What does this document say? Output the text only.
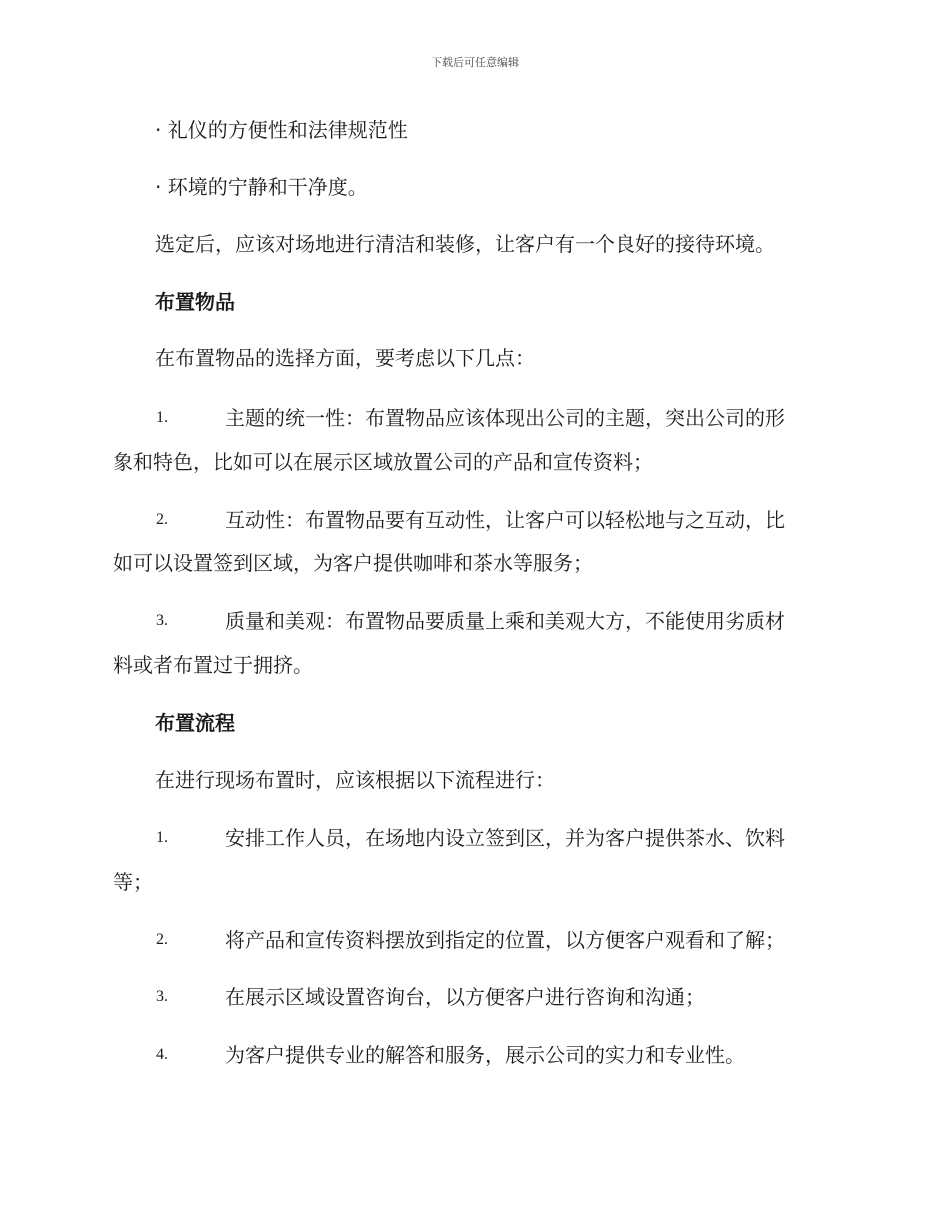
下载后可任意编辑
· 礼仪的方便性和法律规范性
· 环境的宁静和干净度。
选定后，应该对场地进行清洁和装修，让客户有一个良好的接待环境。
布置物品
在布置物品的选择方面，要考虑以下几点：
1.	主题的统一性：布置物品应该体现出公司的主题，突出公司的形
象和特色，比如可以在展示区域放置公司的产品和宣传资料；
2.	互动性：布置物品要有互动性，让客户可以轻松地与之互动，比
如可以设置签到区域，为客户提供咖啡和茶水等服务；
3.	质量和美观：布置物品要质量上乘和美观大方，不能使用劣质材
料或者布置过于拥挤。
布置流程
在进行现场布置时，应该根据以下流程进行：
1.	安排工作人员，在场地内设立签到区，并为客户提供茶水、饮料
等；
2.	将产品和宣传资料摆放到指定的位置，以方便客户观看和了解；
3.	在展示区域设置咨询台，以方便客户进行咨询和沟通；
4.	为客户提供专业的解答和服务，展示公司的实力和专业性。
